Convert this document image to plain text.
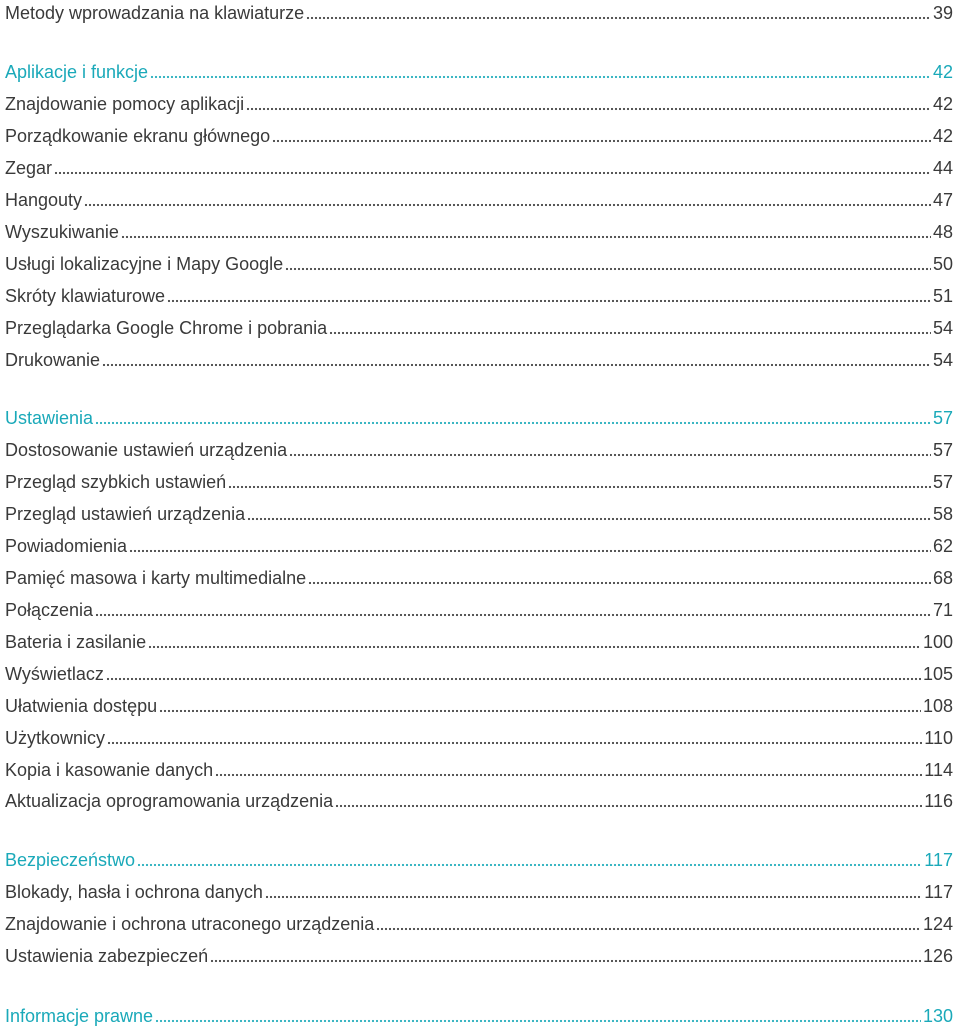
Metody wprowadzania na klawiaturze	39
Aplikacje i funkcje	42
Znajdowanie pomocy aplikacji	42
Porządkowanie ekranu głównego	42
Zegar	44
Hangouty	47
Wyszukiwanie	48
Usługi lokalizacyjne i Mapy Google	50
Skróty klawiaturowe	51
Przeglądarka Google Chrome i pobrania	54
Drukowanie	54
Ustawienia	57
Dostosowanie ustawień urządzenia	57
Przegląd szybkich ustawień	57
Przegląd ustawień urządzenia	58
Powiadomienia	62
Pamięć masowa i karty multimedialne	68
Połączenia	71
Bateria i zasilanie	100
Wyświetlacz	105
Ułatwienia dostępu	108
Użytkownicy	110
Kopia i kasowanie danych	114
Aktualizacja oprogramowania urządzenia	116
Bezpieczeństwo	117
Blokady, hasła i ochrona danych	117
Znajdowanie i ochrona utraconego urządzenia	124
Ustawienia zabezpieczeń	126
Informacje prawne	130
